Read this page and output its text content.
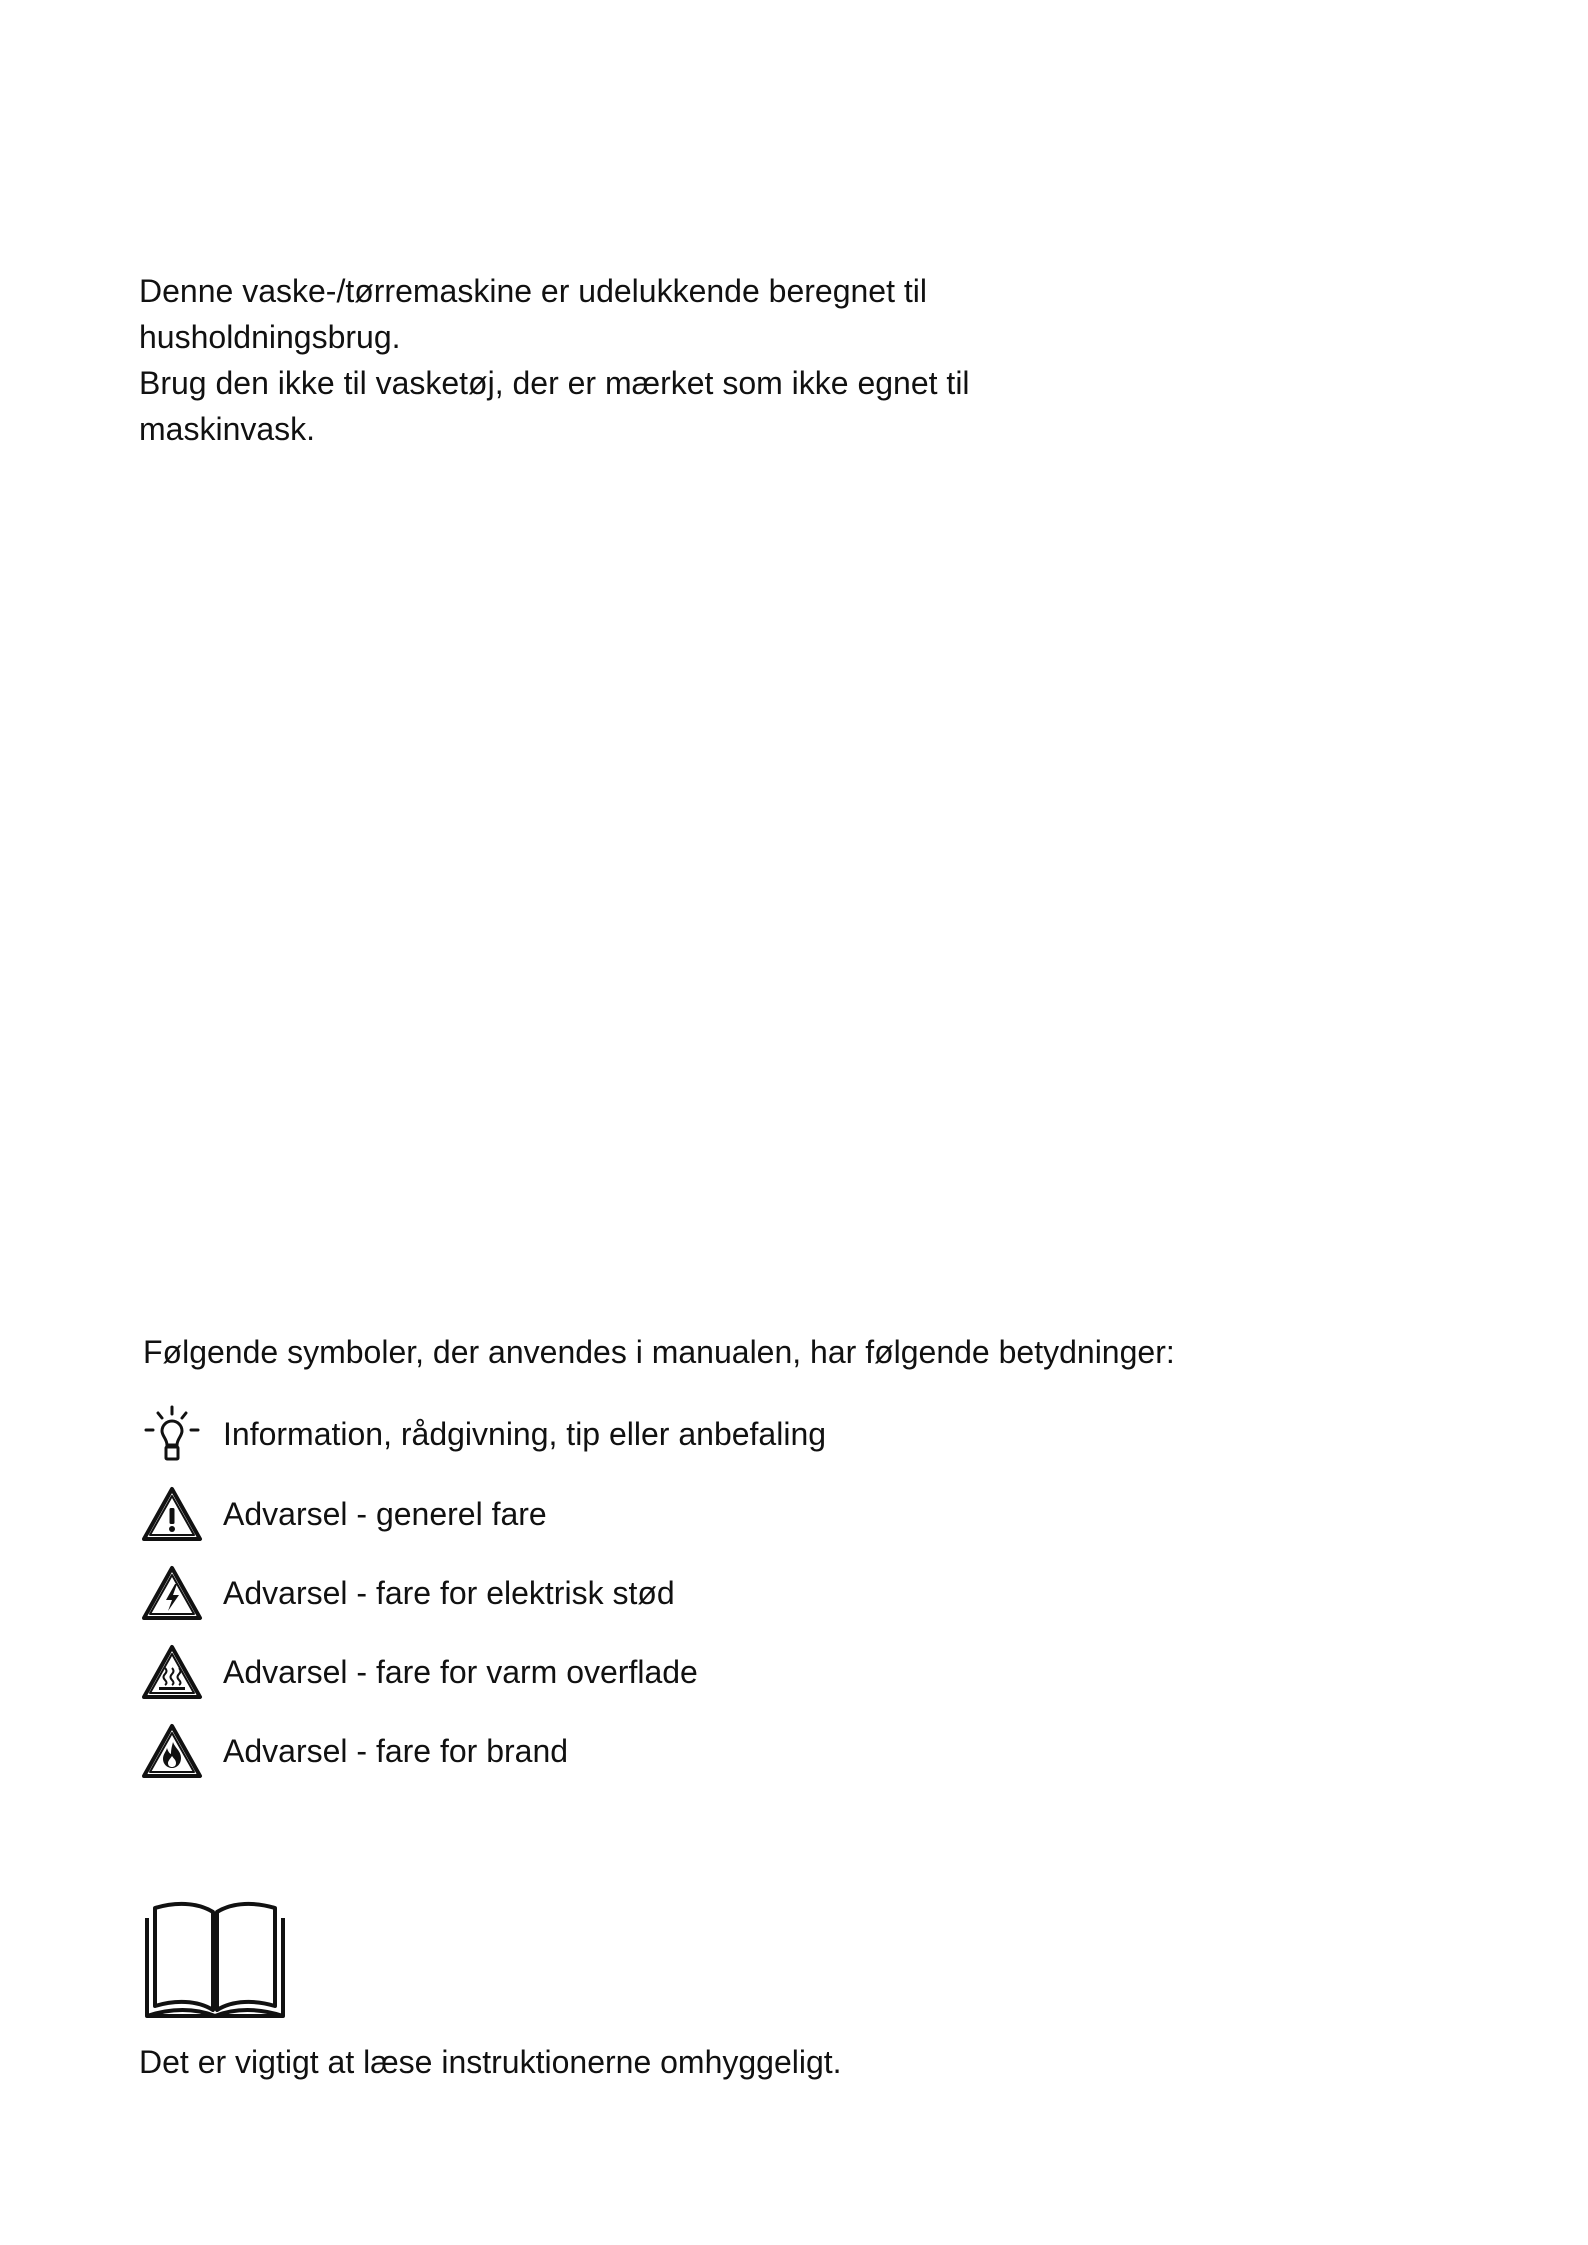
Denne vaske-/tørremaskine er udelukkende beregnet til

husholdningsbrug.

Brug den ikke til vasketøj, der er mærket som ikke egnet til

maskinvask.

Følgende symboler, der anvendes i manualen, har følgende betydninger:
Information, rådgivning, tip eller anbefaling
Advarsel - generel fare
Advarsel - fare for elektrisk stød
Advarsel - fare for varm overflade
Advarsel - fare for brand

Det er vigtigt at læse instruktionerne omhyggeligt.
